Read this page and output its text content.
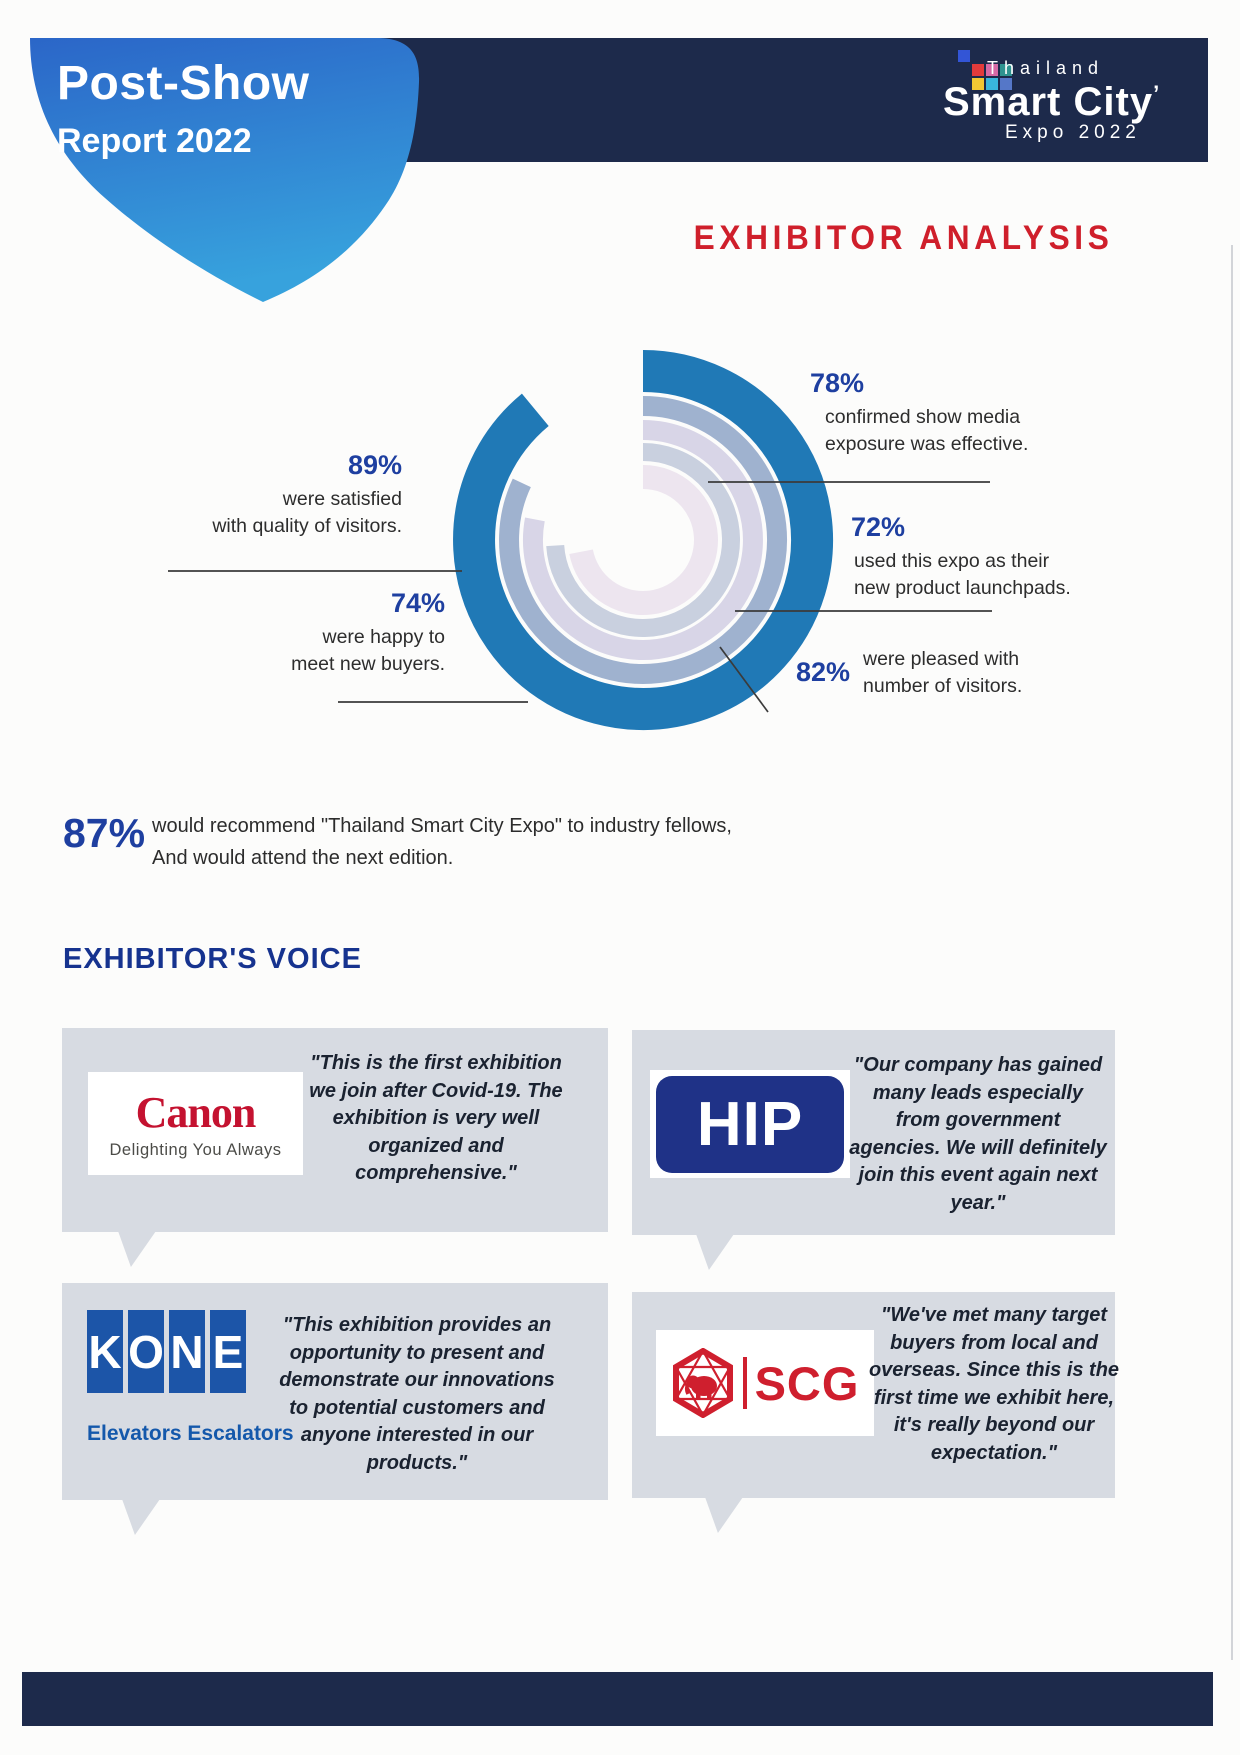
Post-Show
Report 2022
Thailand
Smart City’
Expo 2022
EXHIBITOR ANALYSIS
89%
were satisfied
with quality of visitors.
74%
were happy to
meet new buyers.
78%
confirmed show media
exposure was effective.
72%
used this expo as their
new product launchpads.
82% were pleased with
number of visitors.
87% would recommend "Thailand Smart City Expo" to industry fellows,
And would attend the next edition.
EXHIBITOR'S VOICE
Canon
Delighting You Always
"This is the first exhibition we join after Covid-19. The exhibition is very well organized and comprehensive."
HIP
"Our company has gained many leads especially from government agencies. We will definitely join this event again next year."
K O N E
Elevators Escalators
"This exhibition provides an opportunity to present and demonstrate our innovations to potential customers and anyone interested in our products."
SCG
"We've met many target buyers from local and overseas. Since this is the first time we exhibit here, it's really beyond our expectation."
